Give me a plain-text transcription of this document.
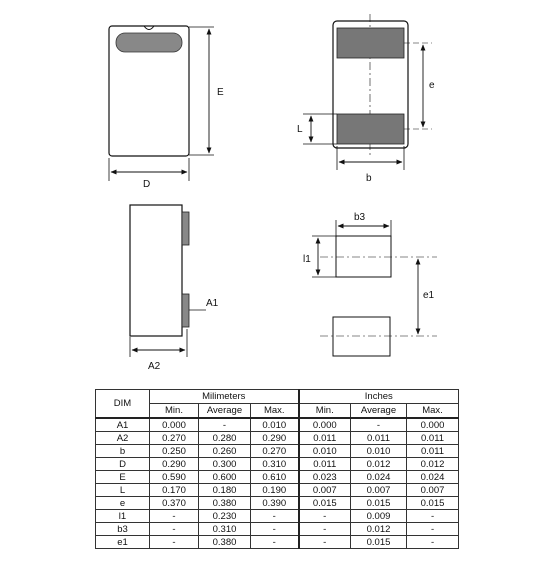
E
D
e
L
b
A1
A2
b3
l1
e1
DIM	Milimeters			Inches		
	Min.	Average	Max.	Min.	Average	Max.
A1	0.000	-	0.010	0.000	-	0.000
A2	0.270	0.280	0.290	0.011	0.011	0.011
b	0.250	0.260	0.270	0.010	0.010	0.011
D	0.290	0.300	0.310	0.011	0.012	0.012
E	0.590	0.600	0.610	0.023	0.024	0.024
L	0.170	0.180	0.190	0.007	0.007	0.007
e	0.370	0.380	0.390	0.015	0.015	0.015
l1	-	0.230	-	-	0.009	-
b3	-	0.310	-	-	0.012	-
e1	-	0.380	-	-	0.015	-
